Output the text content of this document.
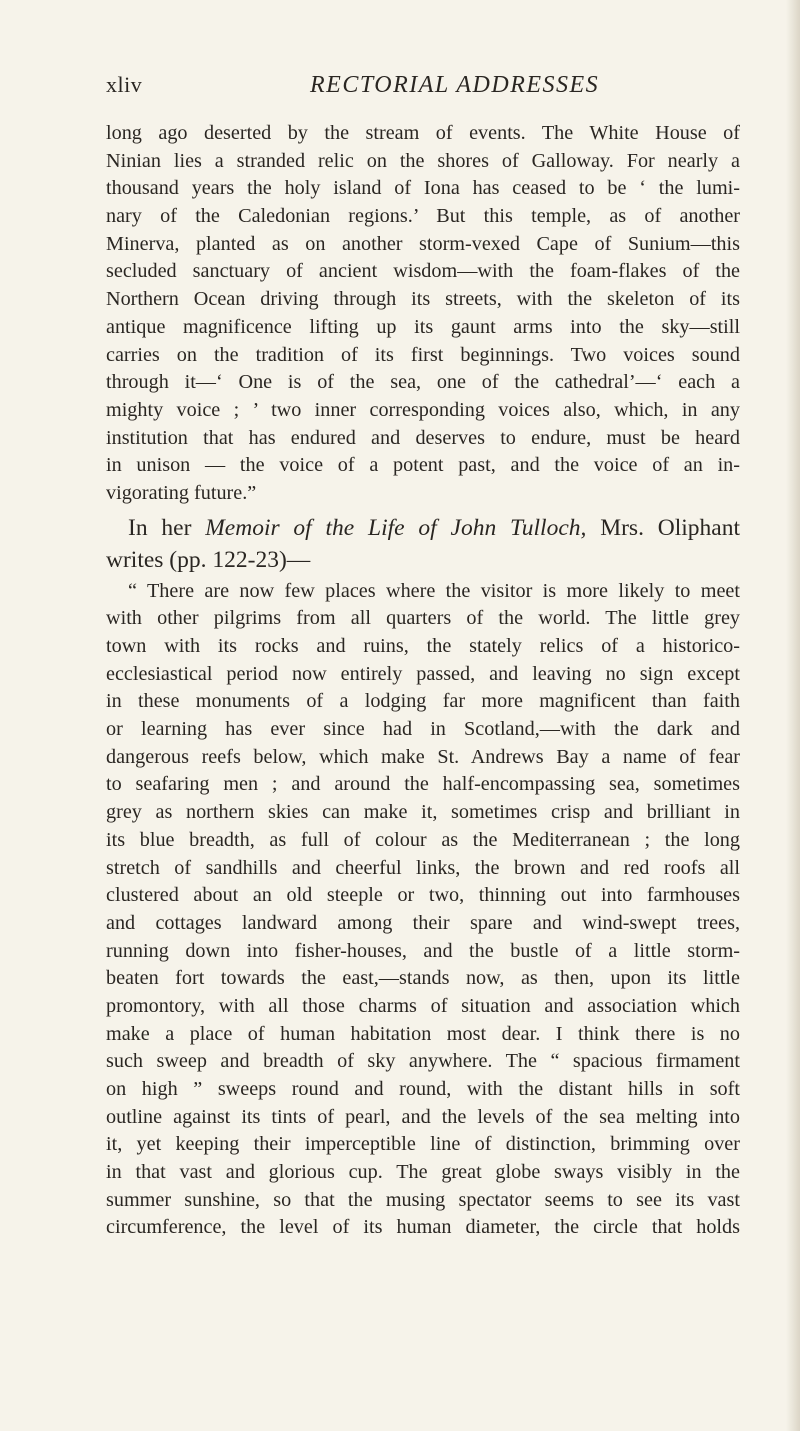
xliv	RECTORIAL ADDRESSES
long ago deserted by the stream of events. The White House of
Ninian lies a stranded relic on the shores of Galloway. For nearly a
thousand years the holy island of Iona has ceased to be ‘ the lumi-
nary of the Caledonian regions.’ But this temple, as of another
Minerva, planted as on another storm-vexed Cape of Sunium—this
secluded sanctuary of ancient wisdom—with the foam-flakes of the
Northern Ocean driving through its streets, with the skeleton of its
antique magnificence lifting up its gaunt arms into the sky—still
carries on the tradition of its first beginnings. Two voices sound
through it—‘ One is of the sea, one of the cathedral’—‘ each a
mighty voice ; ’ two inner corresponding voices also, which, in any
institution that has endured and deserves to endure, must be heard
in unison — the voice of a potent past, and the voice of an in-
vigorating future.”
In her Memoir of the Life of John Tulloch, Mrs. Oliphant
writes (pp. 122-23)—
“ There are now few places where the visitor is more likely to meet
with other pilgrims from all quarters of the world. The little grey
town with its rocks and ruins, the stately relics of a historico-
ecclesiastical period now entirely passed, and leaving no sign except
in these monuments of a lodging far more magnificent than faith
or learning has ever since had in Scotland,—with the dark and
dangerous reefs below, which make St. Andrews Bay a name of fear
to seafaring men ; and around the half-encompassing sea, sometimes
grey as northern skies can make it, sometimes crisp and brilliant in
its blue breadth, as full of colour as the Mediterranean ; the long
stretch of sandhills and cheerful links, the brown and red roofs all
clustered about an old steeple or two, thinning out into farmhouses
and cottages landward among their spare and wind-swept trees,
running down into fisher-houses, and the bustle of a little storm-
beaten fort towards the east,—stands now, as then, upon its little
promontory, with all those charms of situation and association which
make a place of human habitation most dear. I think there is no
such sweep and breadth of sky anywhere. The “ spacious firmament
on high ” sweeps round and round, with the distant hills in soft
outline against its tints of pearl, and the levels of the sea melting into
it, yet keeping their imperceptible line of distinction, brimming over
in that vast and glorious cup. The great globe sways visibly in the
summer sunshine, so that the musing spectator seems to see its vast
circumference, the level of its human diameter, the circle that holds
